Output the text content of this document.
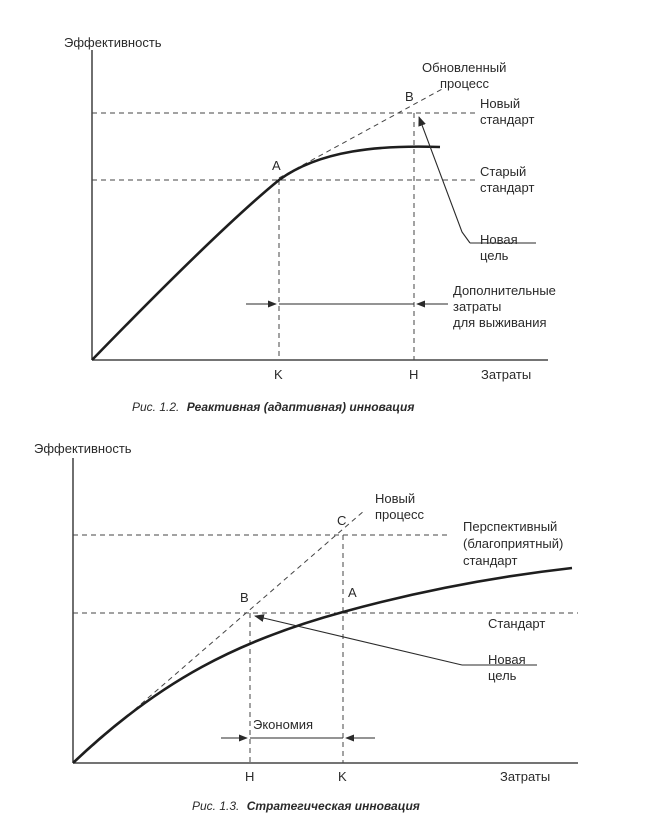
Эффективность
Затраты
A
B
Обновленный процесс
Новый стандарт
Старый стандарт
Новая цель
Дополнительные затраты для выживания
K	H
Рис. 1.2. Реактивная (адаптивная) инновация
Эффективность
Затраты
B	A
C
Новый процесс
Перспективный (благоприятный) стандарт
Стандарт
Новая цель
Экономия
H	K
Рис. 1.3. Стратегическая инновация
